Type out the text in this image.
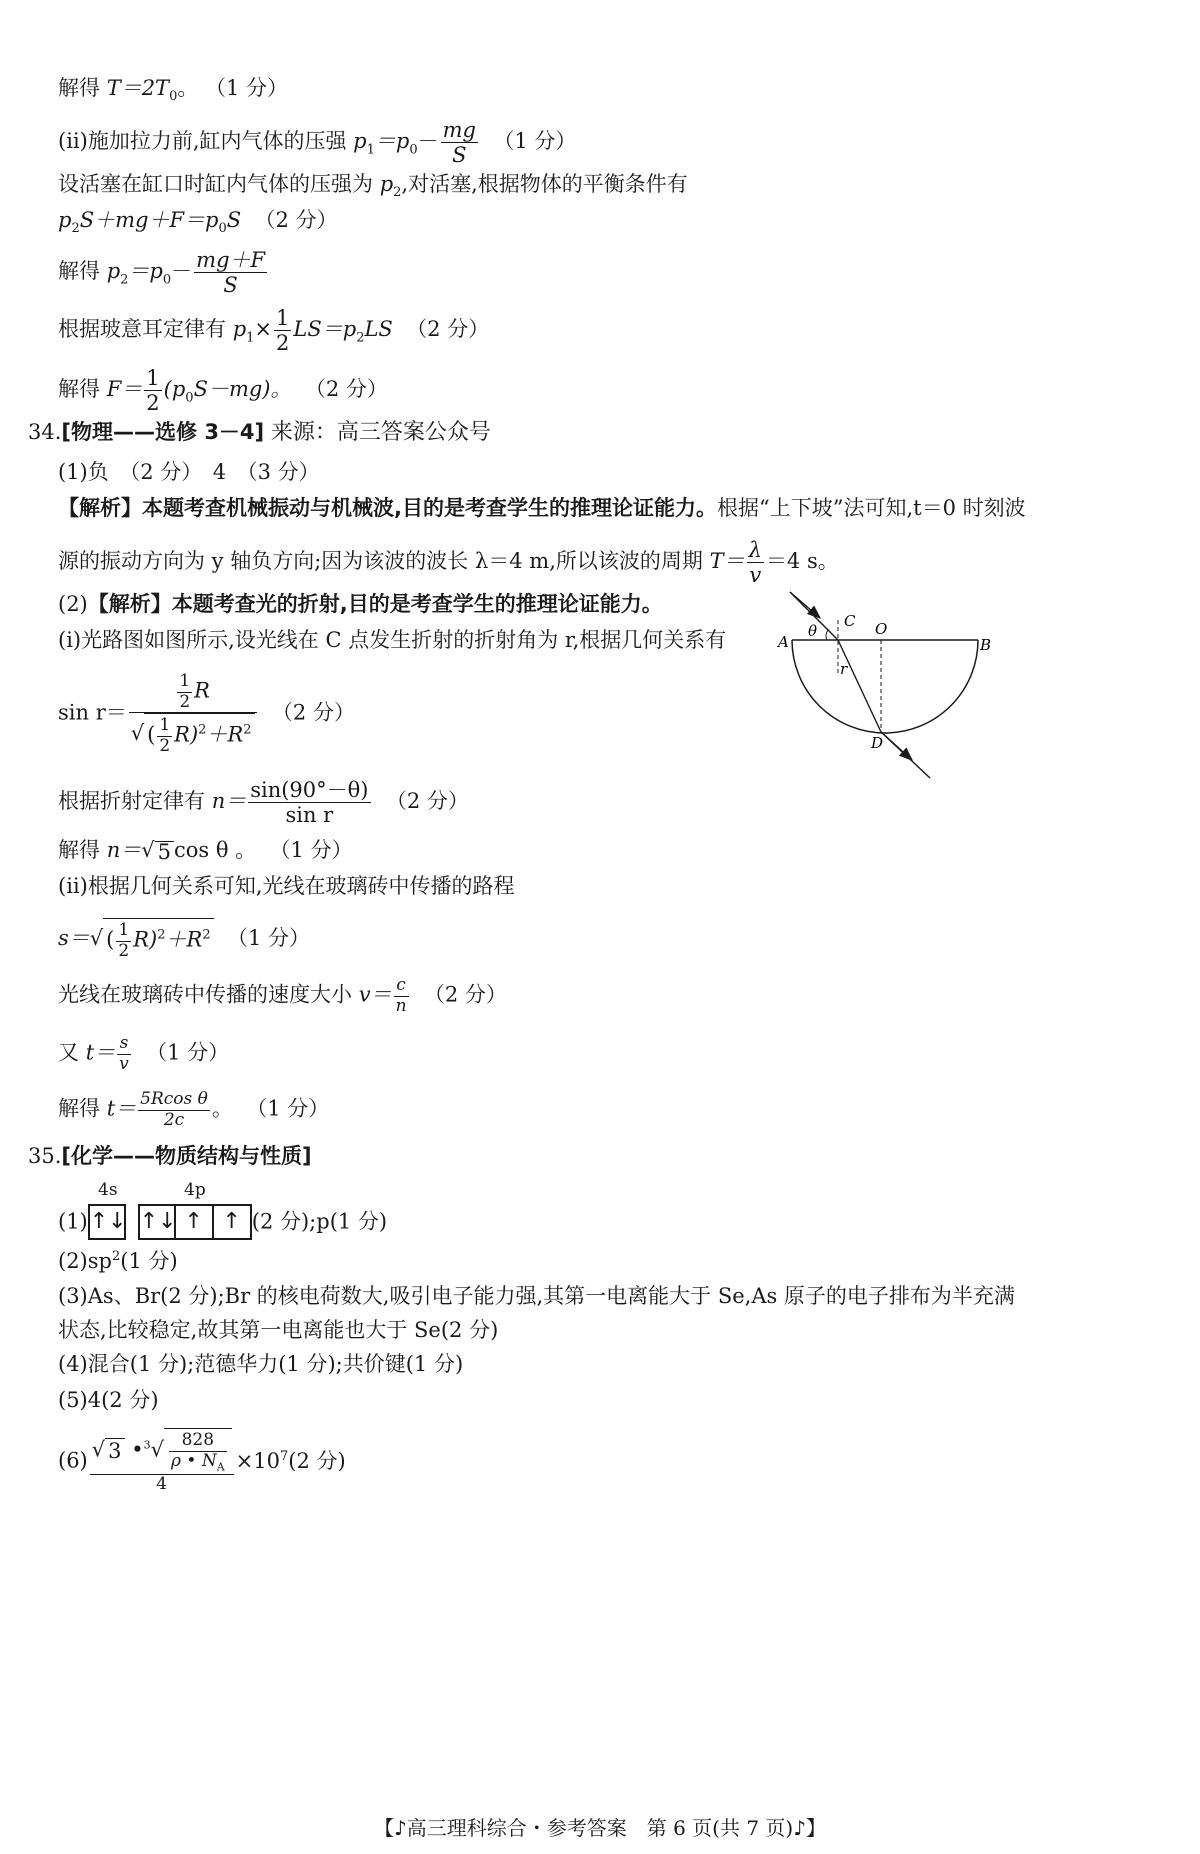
解得 $T=2T_0$。 （1 分）
(ⅱ)施加拉力前,缸内气体的压强 $p_1=p_0- \frac{mg}{S} (1$ 分）
设活塞在缸口时缸内气体的压强为 $p_2$,对活塞,根据物体的平衡条件有
$p_2S+mg+F=p_0S$ （2 分）
解得 $p_2=p_0- \frac{mg+F}{S}$
根据玻意耳定律有 $p_1\times \frac{1}{2} LS=p_2LS$ （2 分）
解得 $F= \frac{1}{2} (p_0S-mg)$。 （2 分）
34.[物理——选修 3－4] 来源：高三答案公众号
(1)负　（2 分）　4　（3 分）
【解析】本题考查机械振动与机械波,目的是考查学生的推理论证能力。根据“上下坡”法可知,t＝0 时刻波
源的振动方向为 y 轴负方向;因为该波的波长 λ＝4 m,所以该波的周期 $T= \frac{\lambda}{v} =4$ s。
(2)【解析】本题考查光的折射,目的是考查学生的推理论证能力。
(ⅰ)光路图如图所示,设光线在 C 点发生折射的折射角为 r,根据几何关系有
$\sin r= \frac{\frac{1}{2} R}{√ ( \frac{1}{2} R)^2+R^2} (2$ 分）
根据折射定律有 $n= \frac{\sin(90^\circ-\theta)}{\text{sin r}} (2$ 分）
解得 n＝√ 5 cos θ 。 （1 分）
(ⅱ)根据几何关系可知,光线在玻璃砖中传播的路程
s＝√ ( $\frac{1}{2} R)^2+R^2$ （1 分）
光线在玻璃砖中传播的速度大小 $v= \frac{c}{n} (2$ 分）
又 $t= \frac{s}{v} (1$ 分）
解得 $t= \frac{\text{5Rcos θ}}{2c}$ 。 （1 分）
A	B
C O
D
θ
r
35.[化学——物质结构与性质]
4s	4p
(1)↑↓ ↑↓ ↑ ↑ (2 分);p(1 分)
$(2)sp^2(1$ 分)
(3)As、Br(2 分);Br 的核电荷数大,吸引电子能力强,其第一电离能大于 Se,As 原子的电子排布为半充满
状态,比较稳定,故其第一电离能也大于 Se(2 分)
(4)混合(1 分);范德华力(1 分);共价键(1 分)
(5)4(2 分)
$(6) \frac{√ 3 •^3√ \frac{828}{\rho • N_A}}{4} \times 10^7(2$ 分)
【♪高三理科综合・参考答案　第 6 页(共 7 页)♪】
